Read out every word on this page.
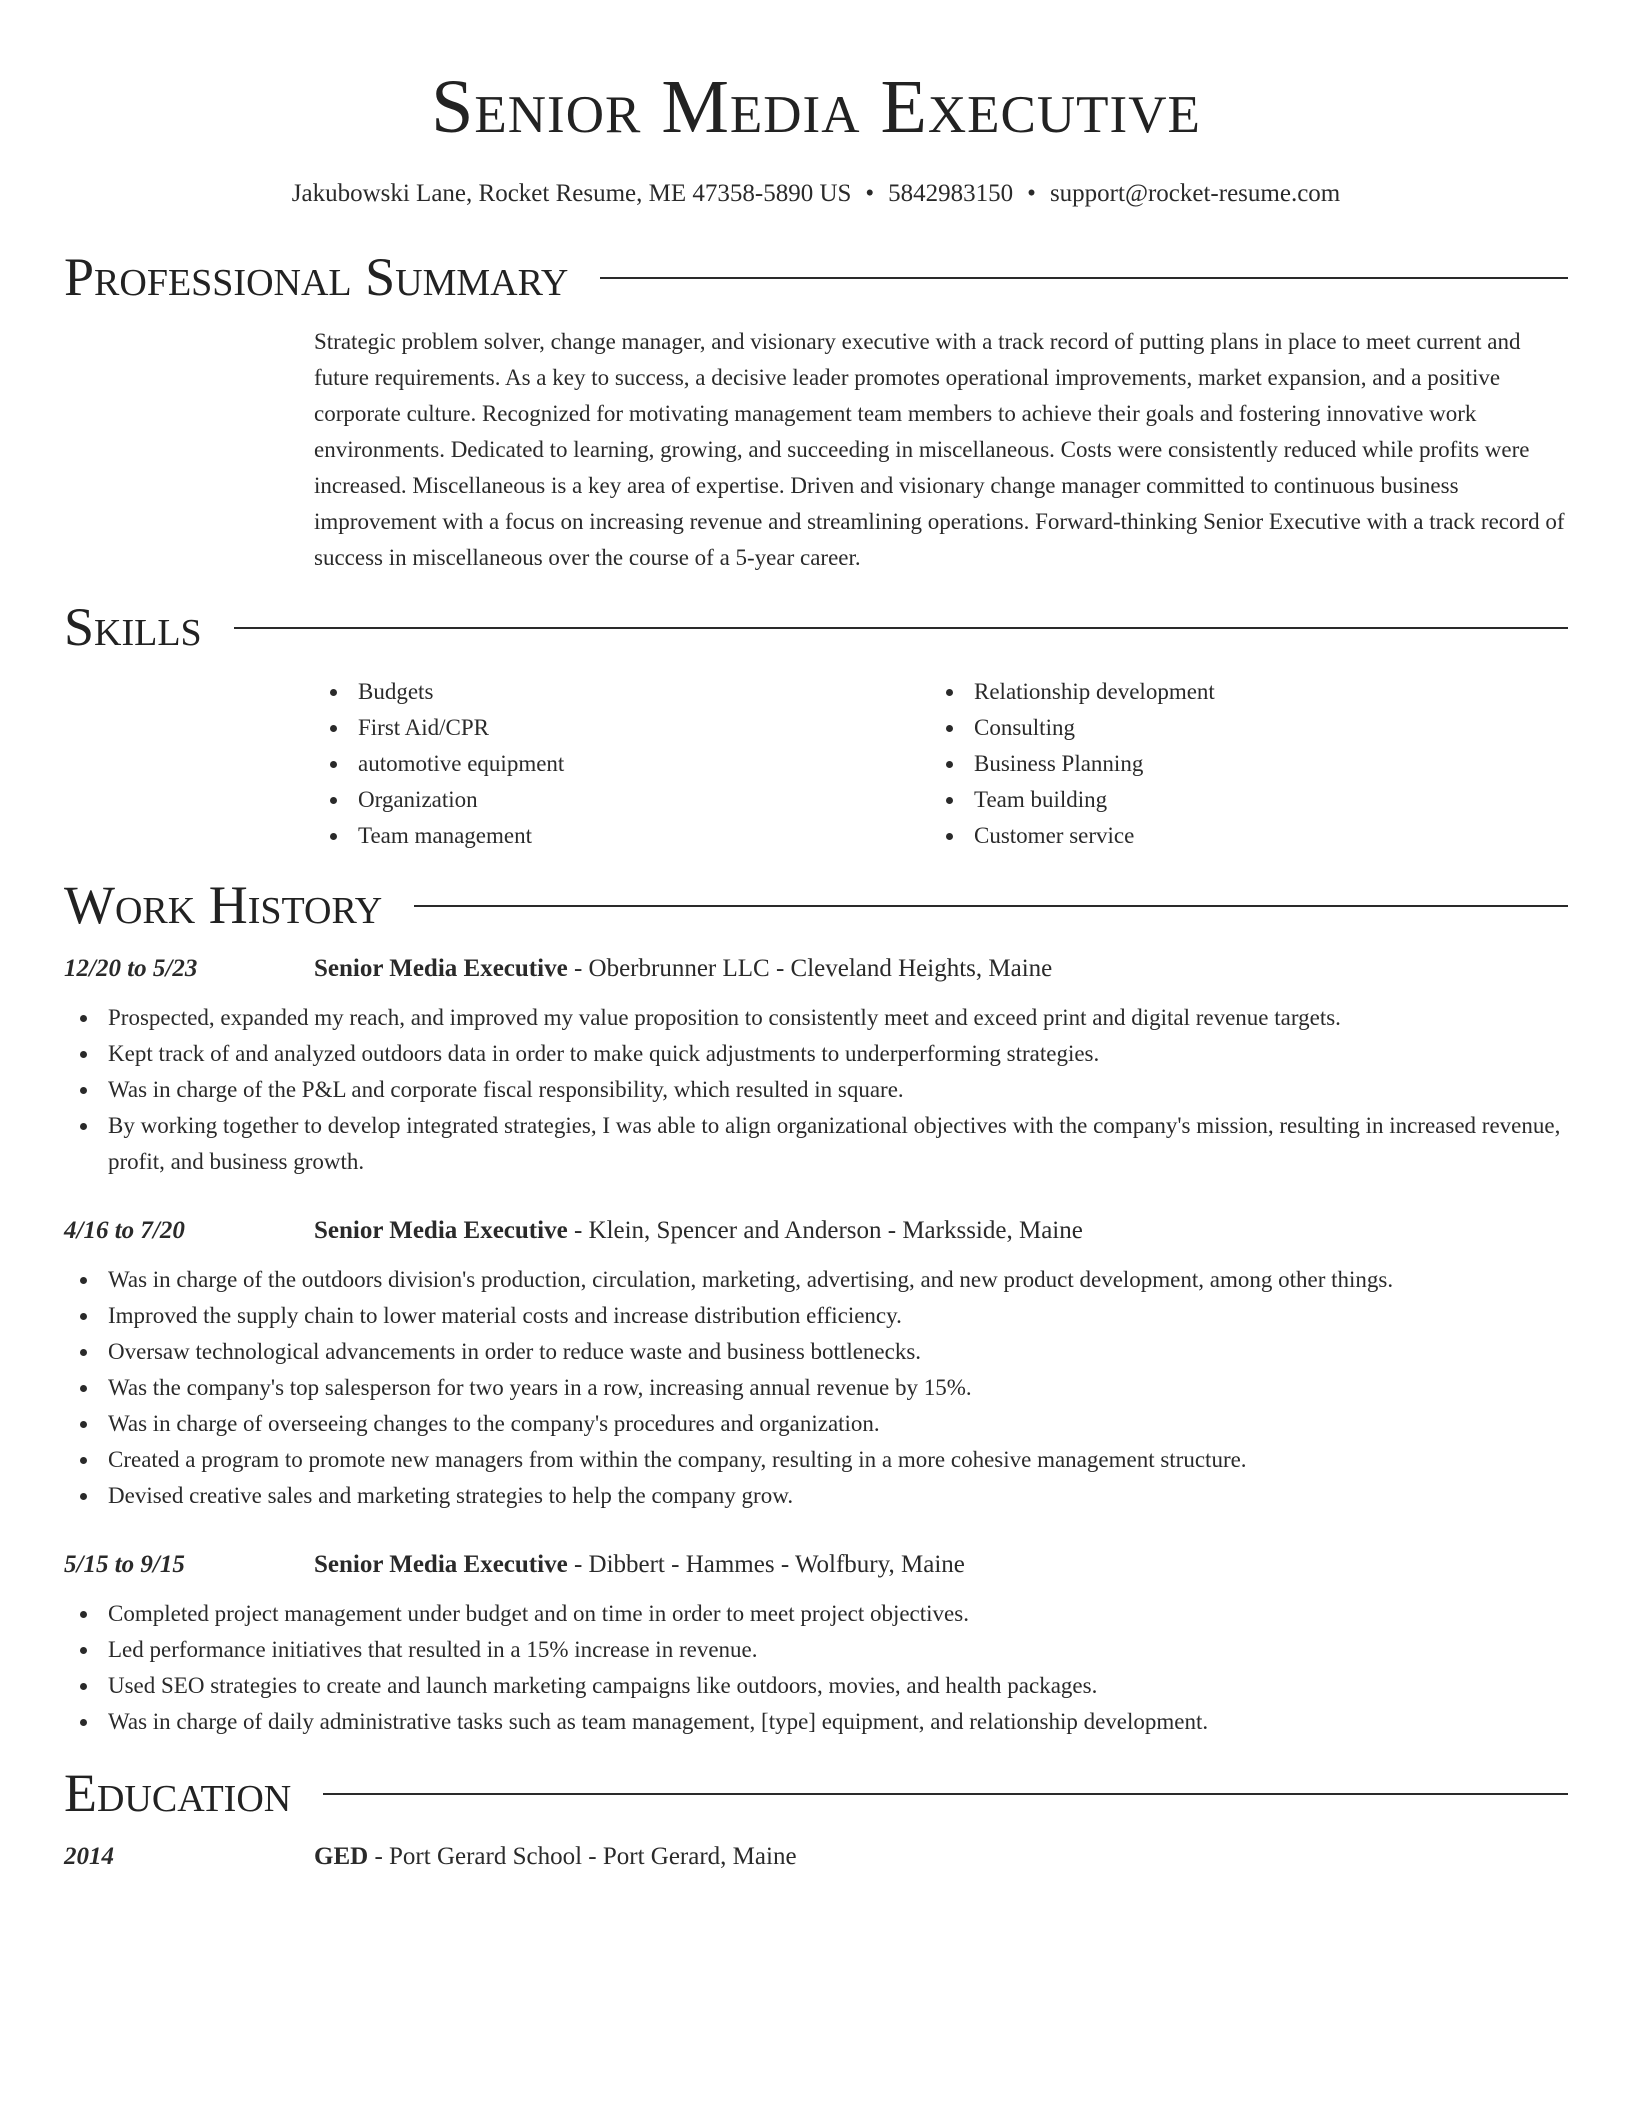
Senior Media Executive
Jakubowski Lane, Rocket Resume, ME 47358-5890 US • 5842983150 • support@rocket-resume.com
Professional Summary
Strategic problem solver, change manager, and visionary executive with a track record of putting plans in place to meet current and future requirements. As a key to success, a decisive leader promotes operational improvements, market expansion, and a positive corporate culture. Recognized for motivating management team members to achieve their goals and fostering innovative work environments. Dedicated to learning, growing, and succeeding in miscellaneous. Costs were consistently reduced while profits were increased. Miscellaneous is a key area of expertise. Driven and visionary change manager committed to continuous business improvement with a focus on increasing revenue and streamlining operations. Forward-thinking Senior Executive with a track record of success in miscellaneous over the course of a 5-year career.
Skills
Budgets
First Aid/CPR
automotive equipment
Organization
Team management
Relationship development
Consulting
Business Planning
Team building
Customer service
Work History
12/20 to 5/23	Senior Media Executive - Oberbrunner LLC - Cleveland Heights, Maine
Prospected, expanded my reach, and improved my value proposition to consistently meet and exceed print and digital revenue targets.
Kept track of and analyzed outdoors data in order to make quick adjustments to underperforming strategies.
Was in charge of the P&L and corporate fiscal responsibility, which resulted in square.
By working together to develop integrated strategies, I was able to align organizational objectives with the company's mission, resulting in increased revenue, profit, and business growth.
4/16 to 7/20	Senior Media Executive - Klein, Spencer and Anderson - Marksside, Maine
Was in charge of the outdoors division's production, circulation, marketing, advertising, and new product development, among other things.
Improved the supply chain to lower material costs and increase distribution efficiency.
Oversaw technological advancements in order to reduce waste and business bottlenecks.
Was the company's top salesperson for two years in a row, increasing annual revenue by 15%.
Was in charge of overseeing changes to the company's procedures and organization.
Created a program to promote new managers from within the company, resulting in a more cohesive management structure.
Devised creative sales and marketing strategies to help the company grow.
5/15 to 9/15	Senior Media Executive - Dibbert - Hammes - Wolfbury, Maine
Completed project management under budget and on time in order to meet project objectives.
Led performance initiatives that resulted in a 15% increase in revenue.
Used SEO strategies to create and launch marketing campaigns like outdoors, movies, and health packages.
Was in charge of daily administrative tasks such as team management, [type] equipment, and relationship development.
Education
2014	GED - Port Gerard School - Port Gerard, Maine
